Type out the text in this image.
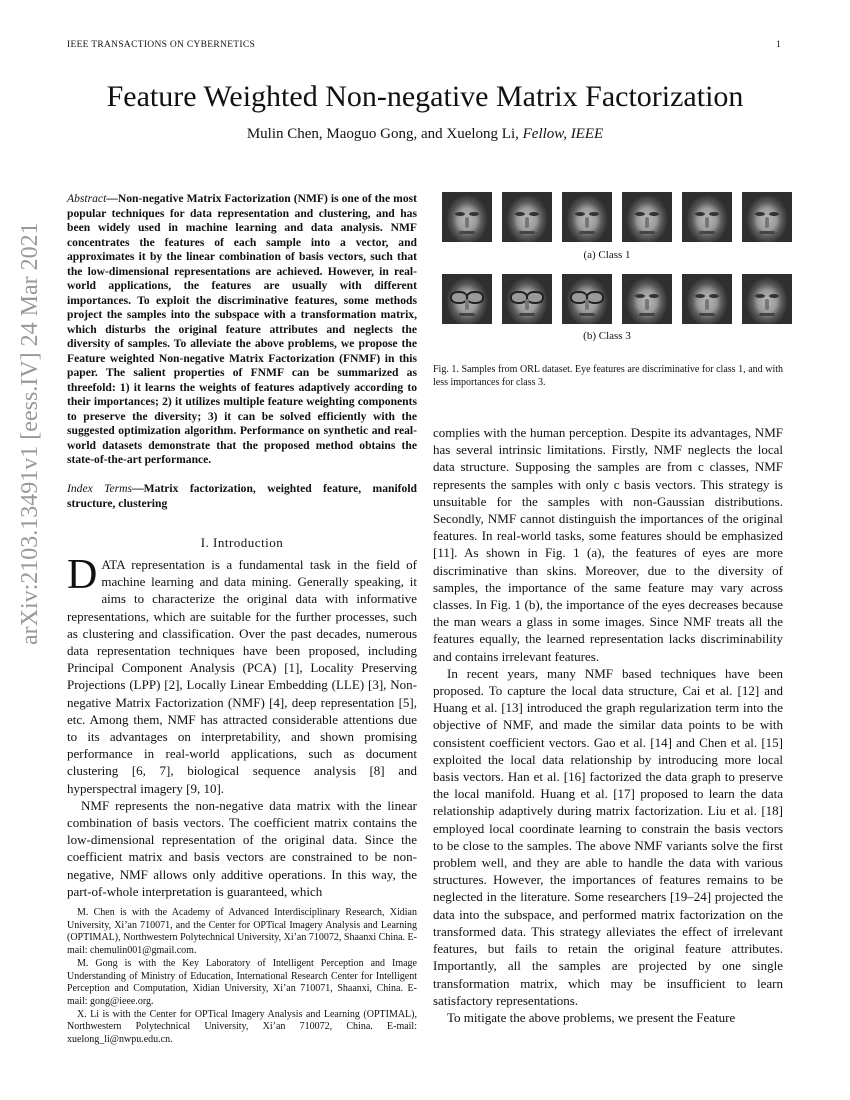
IEEE TRANSACTIONS ON CYBERNETICS	1
Feature Weighted Non-negative Matrix Factorization
Mulin Chen, Maoguo Gong, and Xuelong Li, Fellow, IEEE
arXiv:2103.13491v1 [eess.IV] 24 Mar 2021
Abstract—Non-negative Matrix Factorization (NMF) is one of the most popular techniques for data representation and clustering, and has been widely used in machine learning and data analysis. NMF concentrates the features of each sample into a vector, and approximates it by the linear combination of basis vectors, such that the low-dimensional representations are achieved. However, in real-world applications, the features are usually with different importances. To exploit the discriminative features, some methods project the samples into the subspace with a transformation matrix, which disturbs the original feature attributes and neglects the diversity of samples. To alleviate the above problems, we propose the Feature weighted Non-negative Matrix Factorization (FNMF) in this paper. The salient properties of FNMF can be summarized as threefold: 1) it learns the weights of features adaptively according to their importances; 2) it utilizes multiple feature weighting components to preserve the diversity; 3) it can be solved efficiently with the suggested optimization algorithm. Performance on synthetic and real-world datasets demonstrate that the proposed method obtains the state-of-the-art performance.
Index Terms—Matrix factorization, weighted feature, manifold structure, clustering
I. Introduction

DATA representation is a fundamental task in the field of machine learning and data mining. Generally speaking, it aims to characterize the original data with informative representations, which are suitable for the further processes, such as clustering and classification. Over the past decades, numerous data representation techniques have been proposed, including Principal Component Analysis (PCA) [1], Locality Preserving Projections (LPP) [2], Locally Linear Embedding (LLE) [3], Non-negative Matrix Factorization (NMF) [4], deep representation [5], etc. Among them, NMF has attracted considerable attentions due to its advantages on interpretability, and shown promising performance in real-world applications, such as document clustering [6, 7], biological sequence analysis [8] and hyperspectral imagery [9, 10].

NMF represents the non-negative data matrix with the linear combination of basis vectors. The coefficient matrix contains the low-dimensional representation of the original data. Since the coefficient matrix and basis vectors are constrained to be non-negative, NMF allows only additive operations. In this way, the part-of-whole interpretation is guaranteed, which

M. Chen is with the Academy of Advanced Interdisciplinary Research, Xidian University, Xi’an 710071, and the Center for OPTical Imagery Analysis and Learning (OPTIMAL), Northwestern Polytechnical University, Xi’an 710072, Shaanxi China. E-mail: chemulin001@gmail.com.

M. Gong is with the Key Laboratory of Intelligent Perception and Image Understanding of Ministry of Education, International Research Center for Intelligent Perception and Computation, Xidian University, Xi’an 710071, Shaanxi, China. E-mail: gong@ieee.org.

X. Li is with the Center for OPTical Imagery Analysis and Learning (OPTIMAL), Northwestern Polytechnical University, Xi’an 710072, China. E-mail: xuelong_li@nwpu.edu.cn.

(a) Class 1
(b) Class 3
Fig. 1. Samples from ORL dataset. Eye features are discriminative for class 1, and with less importances for class 3.

complies with the human perception. Despite its advantages, NMF has several intrinsic limitations. Firstly, NMF neglects the local data structure. Supposing the samples are from c classes, NMF represents the samples with only c basis vectors. This strategy is unsuitable for the samples with non-Gaussian distributions. Secondly, NMF cannot distinguish the importances of the original features. In real-world tasks, some features should be emphasized [11]. As shown in Fig. 1 (a), the features of eyes are more discriminative than skins. Moreover, due to the diversity of samples, the importance of the same feature may vary across classes. In Fig. 1 (b), the importance of the eyes decreases because the man wears a glass in some images. Since NMF treats all the features equally, the learned representation lacks discriminability and contains irrelevant features.

In recent years, many NMF based techniques have been proposed. To capture the local data structure, Cai et al. [12] and Huang et al. [13] introduced the graph regularization term into the objective of NMF, and made the similar data points to be with consistent coefficient vectors. Gao et al. [14] and Chen et al. [15] exploited the local data relationship by introducing more local basis vectors. Han et al. [16] factorized the data graph to preserve the local manifold. Huang et al. [17] proposed to learn the data relationship adaptively during matrix factorization. Liu et al. [18] employed local coordinate learning to constrain the basis vectors to be close to the samples. The above NMF variants solve the first problem well, and they are able to handle the data with various structures. However, the importances of features remains to be neglected in the literature. Some researchers [19–24] projected the data into the subspace, and performed matrix factorization on the transformed data. This strategy alleviates the effect of irrelevant features, but fails to retain the original feature attributes. Importantly, all the samples are projected by one single transformation matrix, which may be insufficient to learn satisfactory representations.

To mitigate the above problems, we present the Feature
